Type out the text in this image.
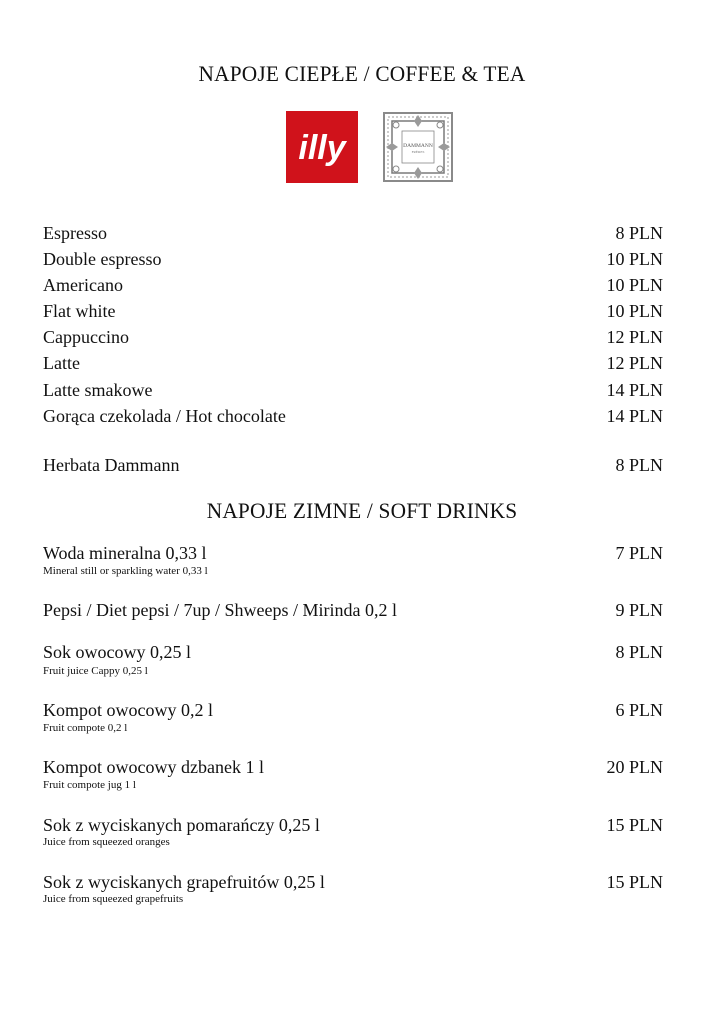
NAPOJE CIEPŁE / COFFEE & TEA
illy	DAMMANN
FRÈRES
Espresso	8 PLN
Double espresso	10 PLN
Americano	10 PLN
Flat white	10 PLN
Cappuccino	12 PLN
Latte	12 PLN
Latte smakowe	14 PLN
Gorąca czekolada / Hot chocolate	14 PLN
Herbata Dammann	8 PLN
NAPOJE ZIMNE / SOFT DRINKS
Woda mineralna 0,33 l	7 PLN
Mineral still or sparkling water 0,33 l
Pepsi / Diet pepsi / 7up / Shweeps / Mirinda 0,2 l	9 PLN
Sok owocowy 0,25 l	8 PLN
Fruit juice Cappy 0,25 l
Kompot owocowy 0,2 l	6 PLN
Fruit compote 0,2 l
Kompot owocowy dzbanek 1 l	20 PLN
Fruit compote jug 1 l
Sok z wyciskanych pomarańczy 0,25 l	15 PLN
Juice from squeezed oranges
Sok z wyciskanych grapefruitów 0,25 l	15 PLN
Juice from squeezed grapefruits
